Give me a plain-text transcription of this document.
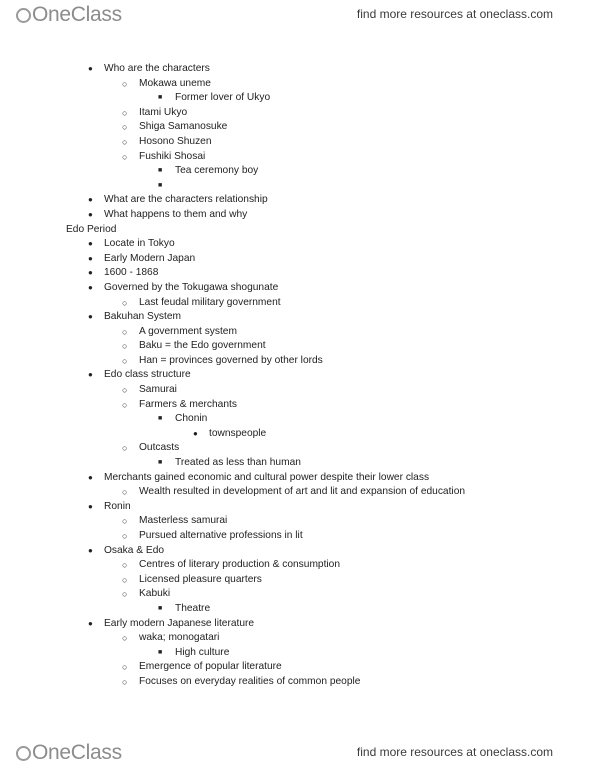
OneClass	find more resources at oneclass.com
● Who are the characters
○ Mokawa uneme
■ Former lover of Ukyo
○ Itami Ukyo
○ Shiga Samanosuke
○ Hosono Shuzen
○ Fushiki Shosai
■ Tea ceremony boy
■
● What are the characters relationship
● What happens to them and why
Edo Period
● Locate in Tokyo
● Early Modern Japan
● 1600 - 1868
● Governed by the Tokugawa shogunate
○ Last feudal military government
● Bakuhan System
○ A government system
○ Baku = the Edo government
○ Han = provinces governed by other lords
● Edo class structure
○ Samurai
○ Farmers & merchants
■ Chonin
● townspeople
○ Outcasts
■ Treated as less than human
● Merchants gained economic and cultural power despite their lower class
○ Wealth resulted in development of art and lit and expansion of education
● Ronin
○ Masterless samurai
○ Pursued alternative professions in lit
● Osaka & Edo
○ Centres of literary production & consumption
○ Licensed pleasure quarters
○ Kabuki
■ Theatre
● Early modern Japanese literature
○ waka; monogatari
■ High culture
○ Emergence of popular literature
○ Focuses on everyday realities of common people
OneClass	find more resources at oneclass.com
